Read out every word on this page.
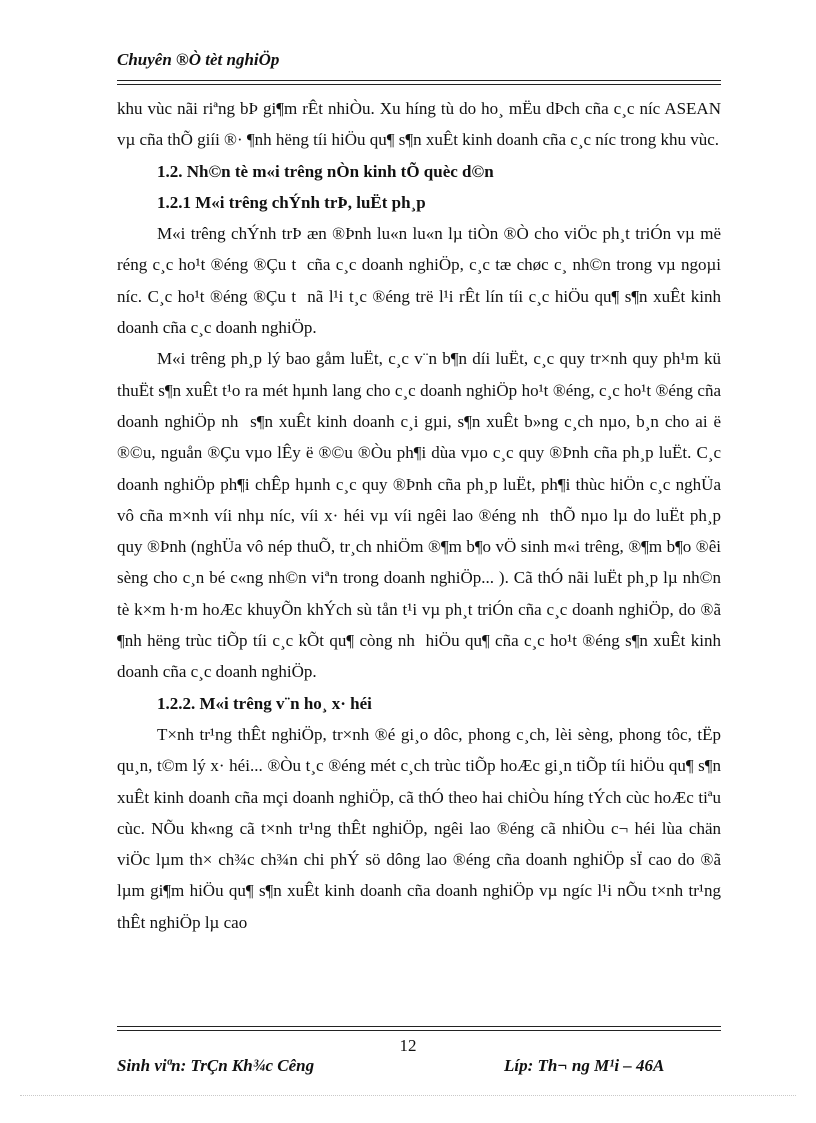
Chuyên ®Ò tèt nghiÖp

khu vùc nãi riªng bÞ gi¶m rÊt nhiÒu. Xu híng tù do ho¸ mËu dÞch cña c¸c níc ASEAN vµ cña thÕ giíi ®· ¶nh hëng tíi hiÖu qu¶ s¶n xuÊt kinh doanh cña c¸c níc trong khu vùc.

1.2. Nh©n tè m«i trêng nÒn kinh tÕ quèc d©n

1.2.1 M«i trêng chÝnh trÞ, luËt ph¸p

M«i trêng chÝnh trÞ æn ®Þnh lu«n lu«n lµ tiÒn ®Ò cho viÖc ph¸t triÓn vµ më réng c¸c ho¹t ®éng ®Çu t  cña c¸c doanh nghiÖp, c¸c tæ chøc c¸ nh©n trong vµ ngoµi níc. C¸c ho¹t ®éng ®Çu t  nã l¹i t¸c ®éng trë l¹i rÊt lín tíi c¸c hiÖu qu¶ s¶n xuÊt kinh doanh cña c¸c doanh nghiÖp.

M«i trêng ph¸p lý bao gåm luËt, c¸c v¨n b¶n díi luËt, c¸c quy tr×nh quy ph¹m kü thuËt s¶n xuÊt t¹o ra mét hµnh lang cho c¸c doanh nghiÖp ho¹t ®éng, c¸c ho¹t ®éng cña doanh nghiÖp nh  s¶n xuÊt kinh doanh c¸i gµi, s¶n xuÊt b»ng c¸ch nµo, b¸n cho ai ë ®©u, nguån ®Çu vµo lÊy ë ®©u ®Òu ph¶i dùa vµo c¸c quy ®Þnh cña ph¸p luËt. C¸c doanh nghiÖp ph¶i chÊp hµnh c¸c quy ®Þnh cña ph¸p luËt, ph¶i thùc hiÖn c¸c nghÜa vô cña m×nh víi nhµ níc, víi x· héi vµ víi ngêi lao ®éng nh  thÕ nµo lµ do luËt ph¸p quy ®Þnh (nghÜa vô nép thuÕ, tr¸ch nhiÖm ®¶m b¶o vÖ sinh m«i trêng, ®¶m b¶o ®êi sèng cho c¸n bé c«ng nh©n viªn trong doanh nghiÖp... ). Cã thÓ nãi luËt ph¸p lµ nh©n tè k×m h·m hoÆc khuyÕn khÝch sù tån t¹i vµ ph¸t triÓn cña c¸c doanh nghiÖp, do ®ã ¶nh hëng trùc tiÕp tíi c¸c kÕt qu¶ còng nh  hiÖu qu¶ cña c¸c ho¹t ®éng s¶n xuÊt kinh doanh cña c¸c doanh nghiÖp.

1.2.2. M«i trêng v¨n ho¸ x· héi

T×nh tr¹ng thÊt nghiÖp, tr×nh ®é gi¸o dôc, phong c¸ch, lèi sèng, phong tôc, tËp qu¸n, t©m lý x· héi... ®Òu t¸c ®éng mét c¸ch trùc tiÕp hoÆc gi¸n tiÕp tíi hiÖu qu¶ s¶n xuÊt kinh doanh cña mçi doanh nghiÖp, cã thÓ theo hai chiÒu híng tÝch cùc hoÆc tiªu cùc. NÕu kh«ng cã t×nh tr¹ng thÊt nghiÖp, ngêi lao ®éng cã nhiÒu c¬ héi lùa chän viÖc lµm th× ch¾c ch¾n chi phÝ sö dông lao ®éng cña doanh nghiÖp sÏ cao do ®ã lµm gi¶m hiÖu qu¶ s¶n xuÊt kinh doanh cña doanh nghiÖp vµ ngíc l¹i nÕu t×nh tr¹ng thÊt nghiÖp lµ cao

12
Sinh viªn: TrÇn Kh¾c Cêng	Líp: Th¬ ng M¹i – 46A
